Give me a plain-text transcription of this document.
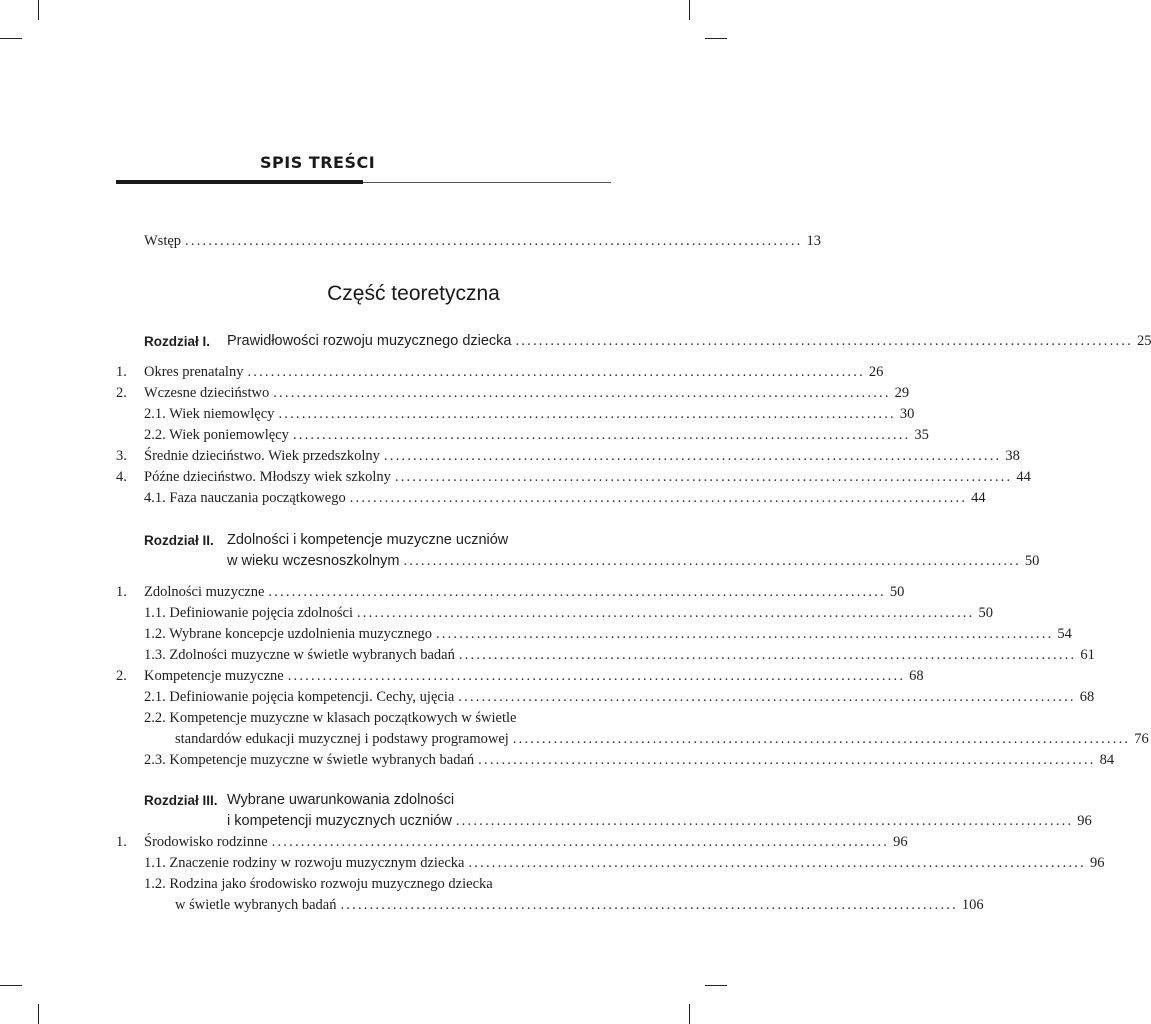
SPIS TREŚCI
Wstęp .......................................................................................................... 13
Część teoretyczna
Rozdział I. Prawidłowości rozwoju muzycznego dziecka .......................................................................................................... 25
1. Okres prenatalny .......................................................................................................... 26
2. Wczesne dzieciństwo .......................................................................................................... 29
2.1. Wiek niemowlęcy .......................................................................................................... 30
2.2. Wiek poniemowlęcy .......................................................................................................... 35
3. Średnie dzieciństwo. Wiek przedszkolny .......................................................................................................... 38
4. Późne dzieciństwo. Młodszy wiek szkolny .......................................................................................................... 44
4.1. Faza nauczania początkowego .......................................................................................................... 44
Rozdział II. Zdolności i kompetencje muzyczne uczniów
w wieku wczesnoszkolnym .......................................................................................................... 50
1. Zdolności muzyczne .......................................................................................................... 50
1.1. Definiowanie pojęcia zdolności .......................................................................................................... 50
1.2. Wybrane koncepcje uzdolnienia muzycznego .......................................................................................................... 54
1.3. Zdolności muzyczne w świetle wybranych badań .......................................................................................................... 61
2. Kompetencje muzyczne .......................................................................................................... 68
2.1. Definiowanie pojęcia kompetencji. Cechy, ujęcia .......................................................................................................... 68
2.2. Kompetencje muzyczne w klasach początkowych w świetle
standardów edukacji muzycznej i podstawy programowej .......................................................................................................... 76
2.3. Kompetencje muzyczne w świetle wybranych badań .......................................................................................................... 84
Rozdział III. Wybrane uwarunkowania zdolności
i kompetencji muzycznych uczniów .......................................................................................................... 96
1. Środowisko rodzinne .......................................................................................................... 96
1.1. Znaczenie rodziny w rozwoju muzycznym dziecka .......................................................................................................... 96
1.2. Rodzina jako środowisko rozwoju muzycznego dziecka
w świetle wybranych badań .......................................................................................................... 106
